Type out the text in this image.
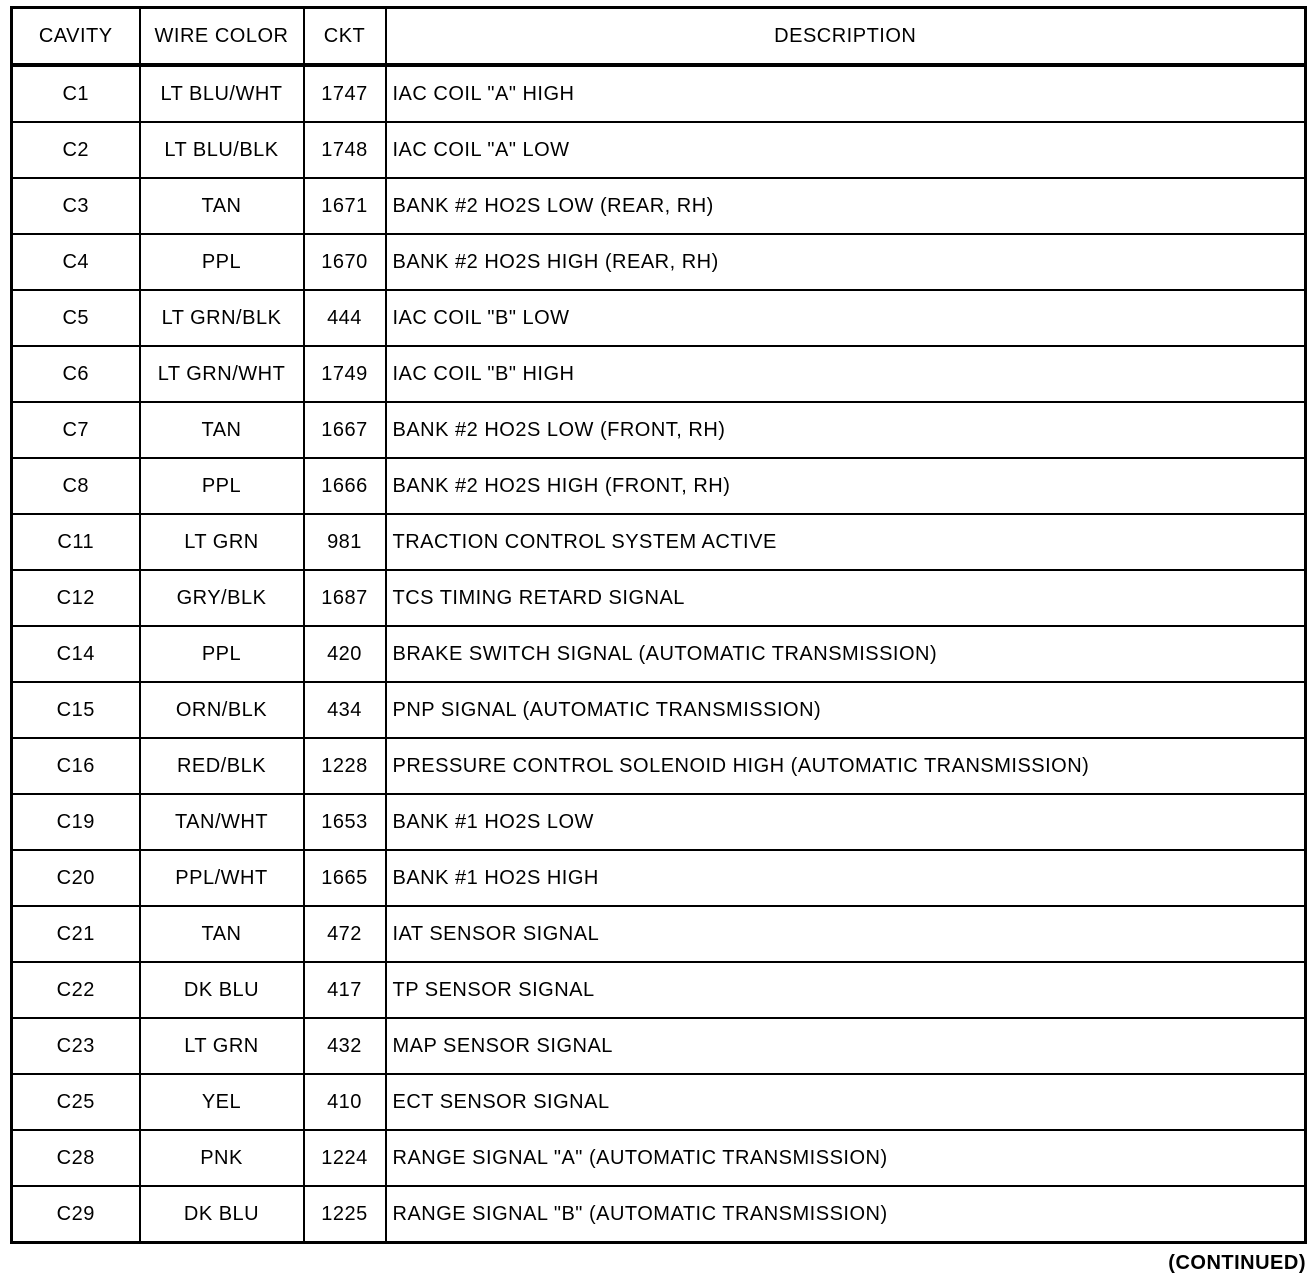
CAVITY	WIRE COLOR	CKT	DESCRIPTION
C1	LT BLU/WHT	1747	IAC COIL "A" HIGH
C2	LT BLU/BLK	1748	IAC COIL "A" LOW
C3	TAN	1671	BANK #2 HO2S LOW (REAR, RH)
C4	PPL	1670	BANK #2 HO2S HIGH (REAR, RH)
C5	LT GRN/BLK	444	IAC COIL "B" LOW
C6	LT GRN/WHT	1749	IAC COIL "B" HIGH
C7	TAN	1667	BANK #2 HO2S LOW (FRONT, RH)
C8	PPL	1666	BANK #2 HO2S HIGH (FRONT, RH)
C11	LT GRN	981	TRACTION CONTROL SYSTEM ACTIVE
C12	GRY/BLK	1687	TCS TIMING RETARD SIGNAL
C14	PPL	420	BRAKE SWITCH SIGNAL (AUTOMATIC TRANSMISSION)
C15	ORN/BLK	434	PNP SIGNAL (AUTOMATIC TRANSMISSION)
C16	RED/BLK	1228	PRESSURE CONTROL SOLENOID HIGH (AUTOMATIC TRANSMISSION)
C19	TAN/WHT	1653	BANK #1 HO2S LOW
C20	PPL/WHT	1665	BANK #1 HO2S HIGH
C21	TAN	472	IAT SENSOR SIGNAL
C22	DK BLU	417	TP SENSOR SIGNAL
C23	LT GRN	432	MAP SENSOR SIGNAL
C25	YEL	410	ECT SENSOR SIGNAL
C28	PNK	1224	RANGE SIGNAL "A" (AUTOMATIC TRANSMISSION)
C29	DK BLU	1225	RANGE SIGNAL "B" (AUTOMATIC TRANSMISSION)
(CONTINUED)
